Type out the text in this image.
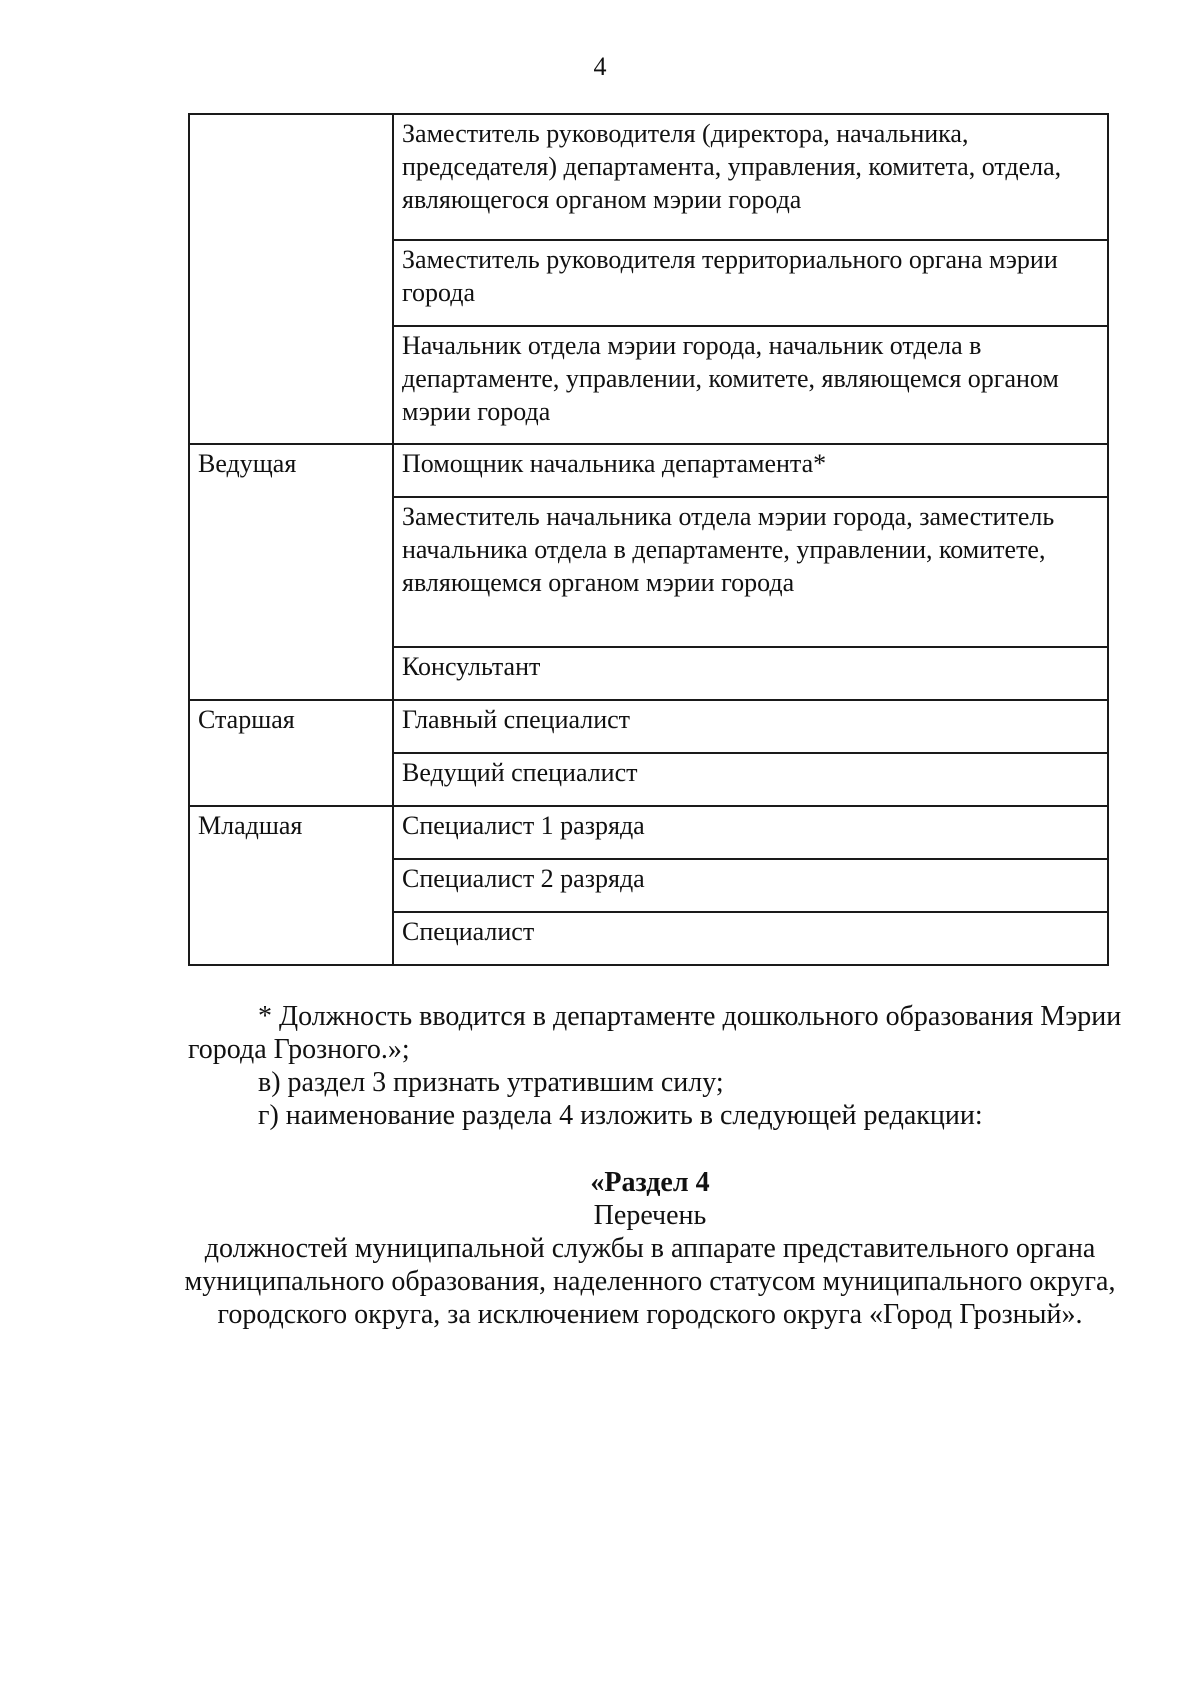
4
	Заместитель руководителя (директора, начальника, председателя) департамента, управления, комитета, отдела, являющегося органом мэрии города
	Заместитель руководителя территориального органа мэрии города
	Начальник отдела мэрии города, начальник отдела в департаменте, управлении, комитете, являющемся органом мэрии города
Ведущая	Помощник начальника департамента*
	Заместитель начальника отдела мэрии города, заместитель начальника отдела в департаменте, управлении, комитете, являющемся органом мэрии города
	Консультант
Старшая	Главный специалист
	Ведущий специалист
Младшая	Специалист 1 разряда
	Специалист 2 разряда
	Специалист

* Должность вводится в департаменте дошкольного образования Мэрии города Грозного.»;

в) раздел 3 признать утратившим силу;

г) наименование раздела 4 изложить в следующей редакции:

«Раздел 4

Перечень

должностей муниципальной службы в аппарате представительного органа муниципального образования, наделенного статусом муниципального округа, городского округа, за исключением городского округа «Город Грозный».
